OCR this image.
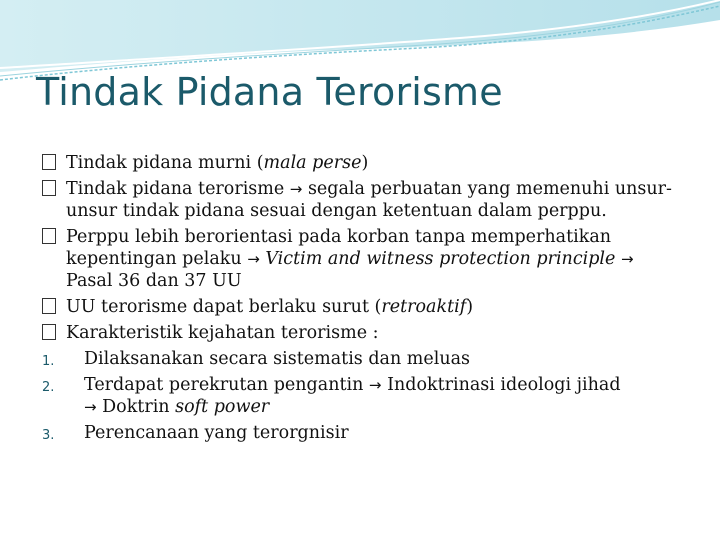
Tindak Pidana Terorisme

Tindak pidana murni (mala perse)

Tindak pidana terorisme → segala perbuatan yang memenuhi unsur-unsur tindak pidana sesuai dengan ketentuan dalam perppu.

Perppu lebih berorientasi pada korban tanpa memperhatikan kepentingan pelaku → Victim and witness protection principle → Pasal 36 dan 37 UU

UU terorisme dapat berlaku surut (retroaktif)

Karakteristik kejahatan terorisme :

1. Dilaksanakan secara sistematis dan meluas

2. Terdapat perekrutan pengantin → Indoktrinasi ideologi jihad
→ Doktrin soft power

3. Perencanaan yang terorgnisir
